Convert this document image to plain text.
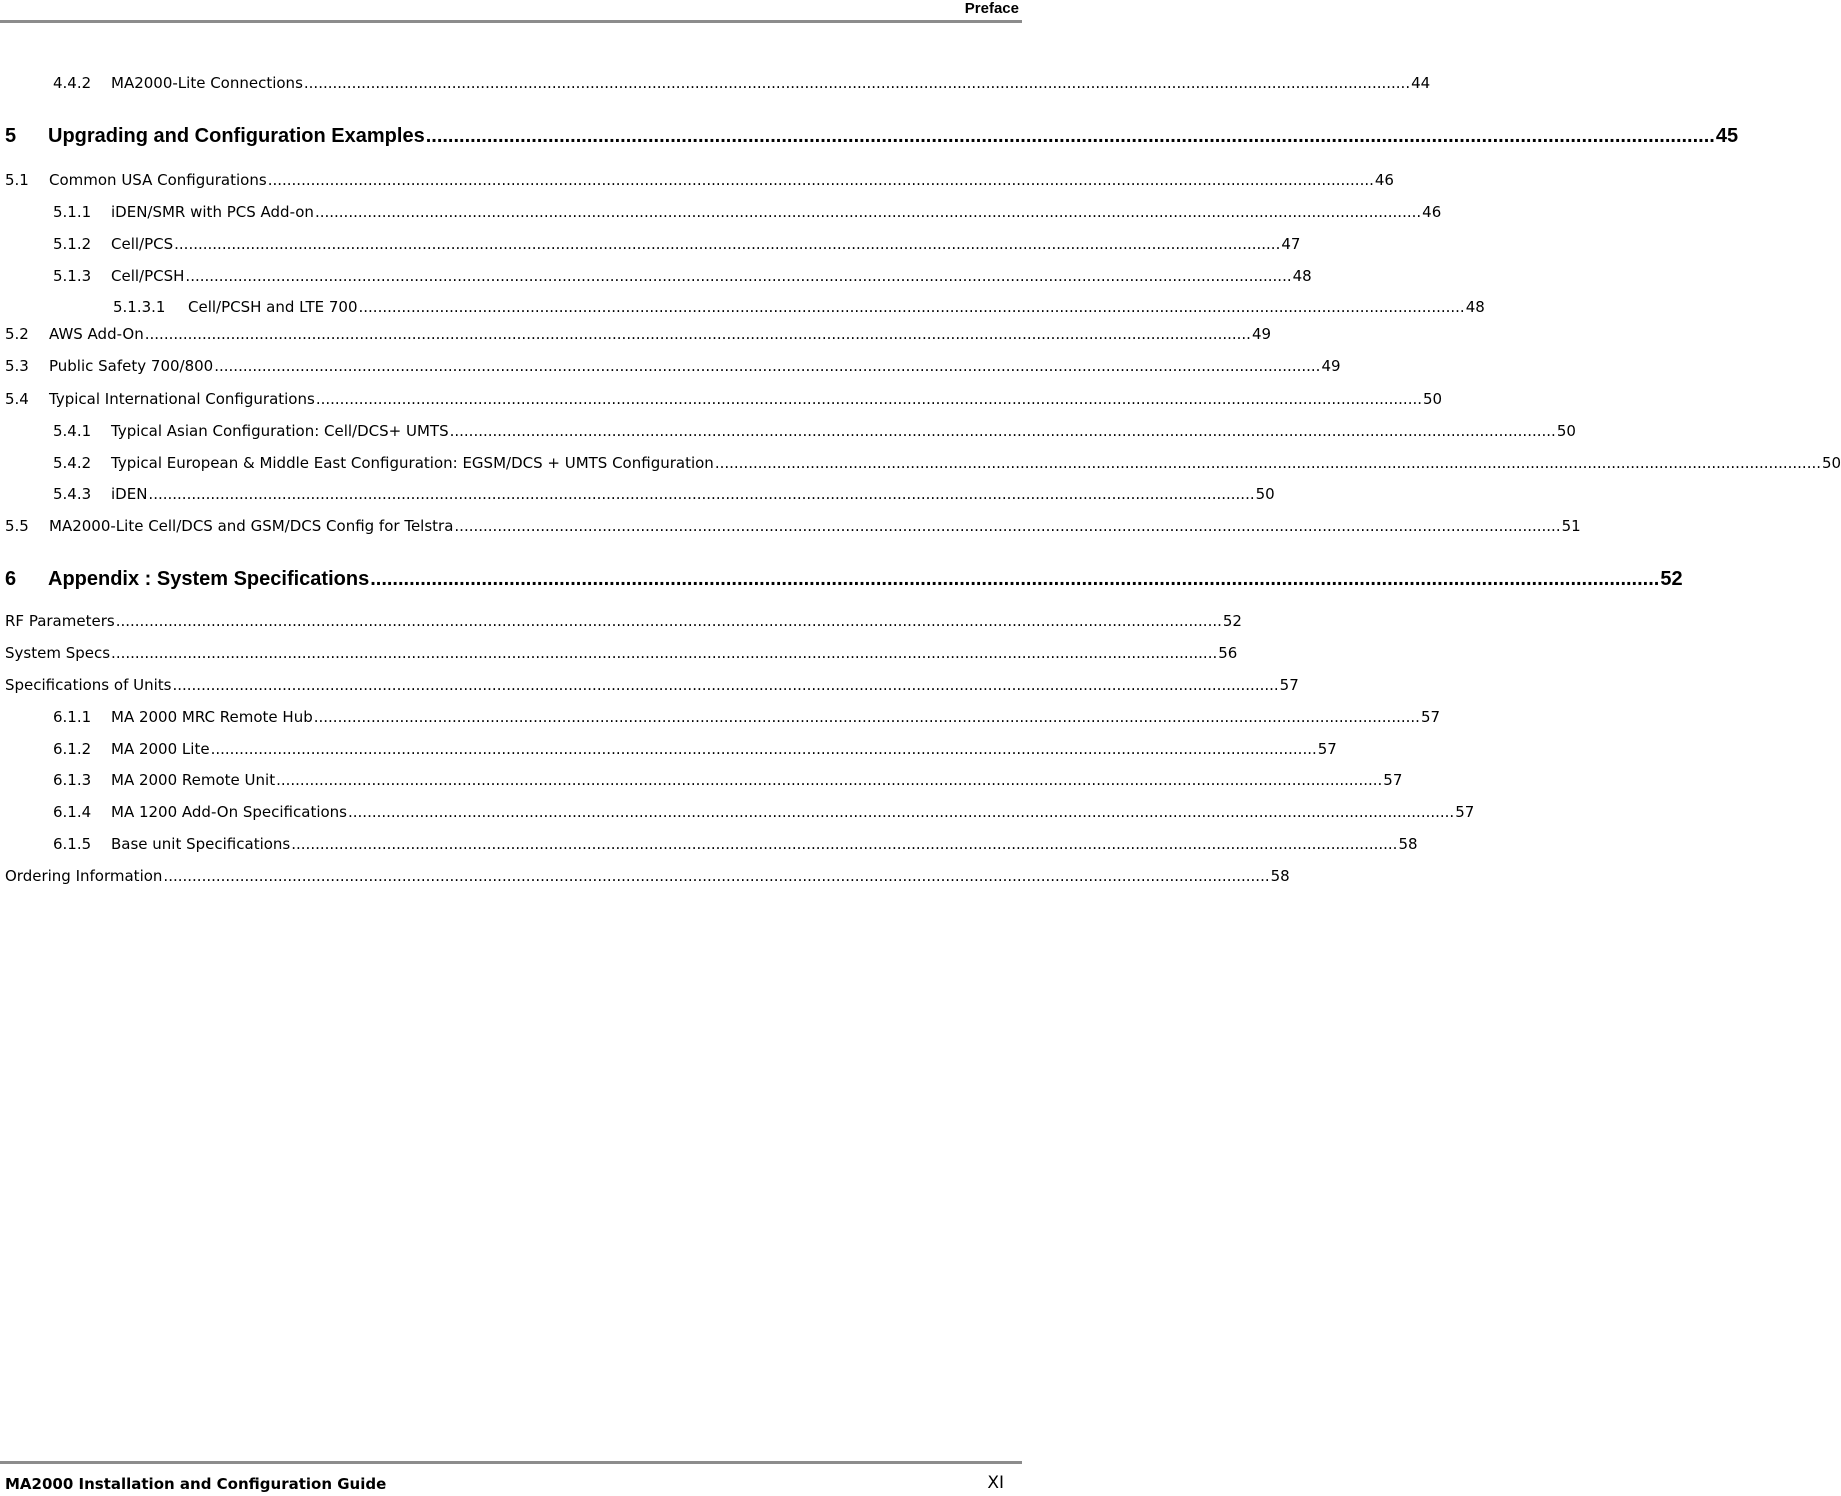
Preface
4.4.2	MA2000-Lite Connections .....	44
5	Upgrading and Configuration Examples .....	45
5.1	Common USA Configurations .....	46
5.1.1	iDEN/SMR with PCS Add-on .....	46
5.1.2	Cell/PCS .....	47
5.1.3	Cell/PCSH .....	48
5.1.3.1	Cell/PCSH and LTE 700 .....	48
5.2	AWS Add-On .....	49
5.3	Public Safety 700/800 .....	49
5.4	Typical International Configurations .....	50
5.4.1	Typical Asian Configuration: Cell/DCS+ UMTS .....	50
5.4.2	Typical European & Middle East Configuration: EGSM/DCS + UMTS Configuration .....	50
5.4.3	iDEN .....	50
5.5	MA2000-Lite Cell/DCS and GSM/DCS Config for Telstra .....	51
6	Appendix : System Specifications .....	52
RF Parameters .....	52
System Specs .....	56
Specifications of Units .....	57
6.1.1	MA 2000 MRC Remote Hub .....	57
6.1.2	MA 2000 Lite .....	57
6.1.3	MA 2000 Remote Unit .....	57
6.1.4	MA 1200 Add-On Specifications .....	57
6.1.5	Base unit Specifications .....	58
Ordering Information .....	58
MA2000 Installation and Configuration Guide	XI
